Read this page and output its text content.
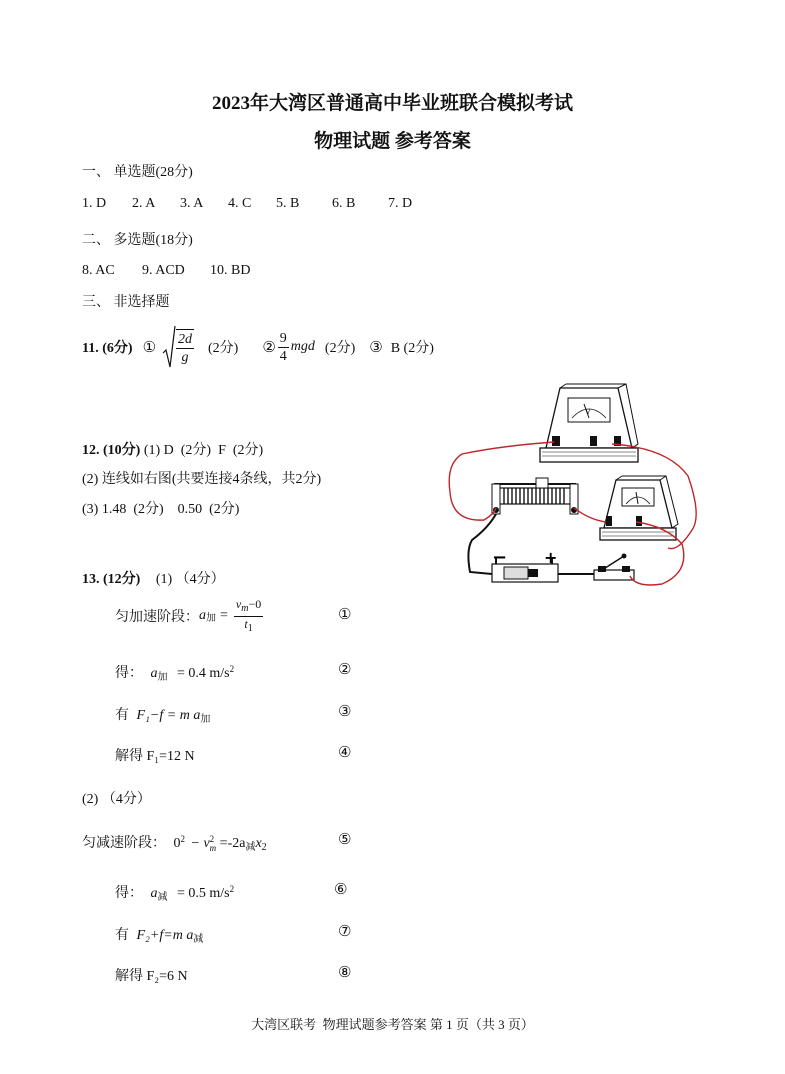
2023年大湾区普通高中毕业班联合模拟考试
物理试题 参考答案
一、 单选题(28分)
1. D 2. A 3. A 4. C 5. B 6. B 7. D
二、 多选题(18分)
8. AC 9. ACD 10. BD
三、 非选择题
11. (6分) ① $\frac{2d}{g} (2$分) ② $\frac{9}{4}$ mgd (2分) ③ B (2分)
12. (10分) (1) D  (2分)  F  (2分)
(2) 连线如右图(共要连接4条线，共2分)
(3) 1.48  (2分)    0.50  (2分)
V
− +
13. (12分) (1) （4分）
匀加速阶段： a 加 = $\frac{v_m-0}{t_1}$	①
得： $a_加 = 0.4$ $m/s^2$	②
有 F₁−f = m $a_加$	③
解得 F₁=12 N	④
(2) （4分）
匀减速阶段： $0^2 - v$ 2
$m =-2a_减x_2$	⑤
得： $a_减 = 0.5$ $m/s^2$	⑥
有 F₂+f=m $a_减$	⑦
解得 F₂=6 N	⑧
大湾区联考  物理试题参考答案 第 1 页（共 3 页）
